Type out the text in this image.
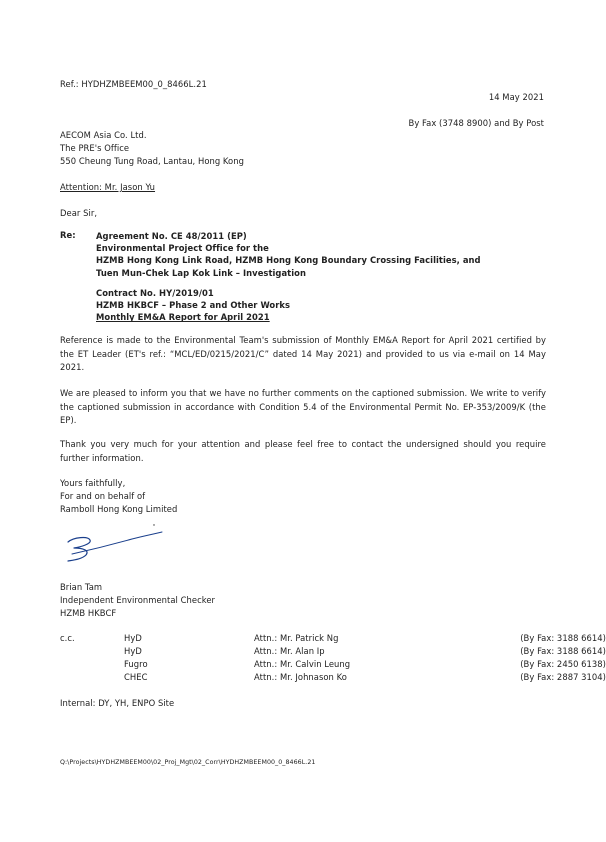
Ref.: HYDHZMBEEM00_0_8466L.21
14 May 2021
By Fax (3748 8900) and By Post
AECOM Asia Co. Ltd.
The PRE's Office
550 Cheung Tung Road, Lantau, Hong Kong
Attention: Mr. Jason Yu
Dear Sir,
Re: Agreement No. CE 48/2011 (EP)
Environmental Project Office for the
HZMB Hong Kong Link Road, HZMB Hong Kong Boundary Crossing Facilities, and
Tuen Mun-Chek Lap Kok Link – Investigation
Contract No. HY/2019/01
HZMB HKBCF – Phase 2 and Other Works
Monthly EM&A Report for April 2021
Reference is made to the Environmental Team's submission of Monthly EM&A Report for April 2021 certified by the ET Leader (ET's ref.: “MCL/ED/0215/2021/C” dated 14 May 2021) and provided to us via e-mail on 14 May 2021.
We are pleased to inform you that we have no further comments on the captioned submission. We write to verify the captioned submission in accordance with Condition 5.4 of the Environmental Permit No. EP-353/2009/K (the EP).
Thank you very much for your attention and please feel free to contact the undersigned should you require further information.
Yours faithfully,
For and on behalf of
Ramboll Hong Kong Limited
Brian Tam
Independent Environmental Checker
HZMB HKBCF
c.c.	HyD	Attn.: Mr. Patrick Ng	(By Fax: 3188 6614)
HyD	Attn.: Mr. Alan Ip	(By Fax: 3188 6614)
Fugro	Attn.: Mr. Calvin Leung	(By Fax: 2450 6138)
CHEC	Attn.: Mr. Johnason Ko	(By Fax: 2887 3104)
Internal: DY, YH, ENPO Site
Q:\Projects\HYDHZMBEEM00\02_Proj_Mgt\02_Corr\HYDHZMBEEM00_0_8466L.21
